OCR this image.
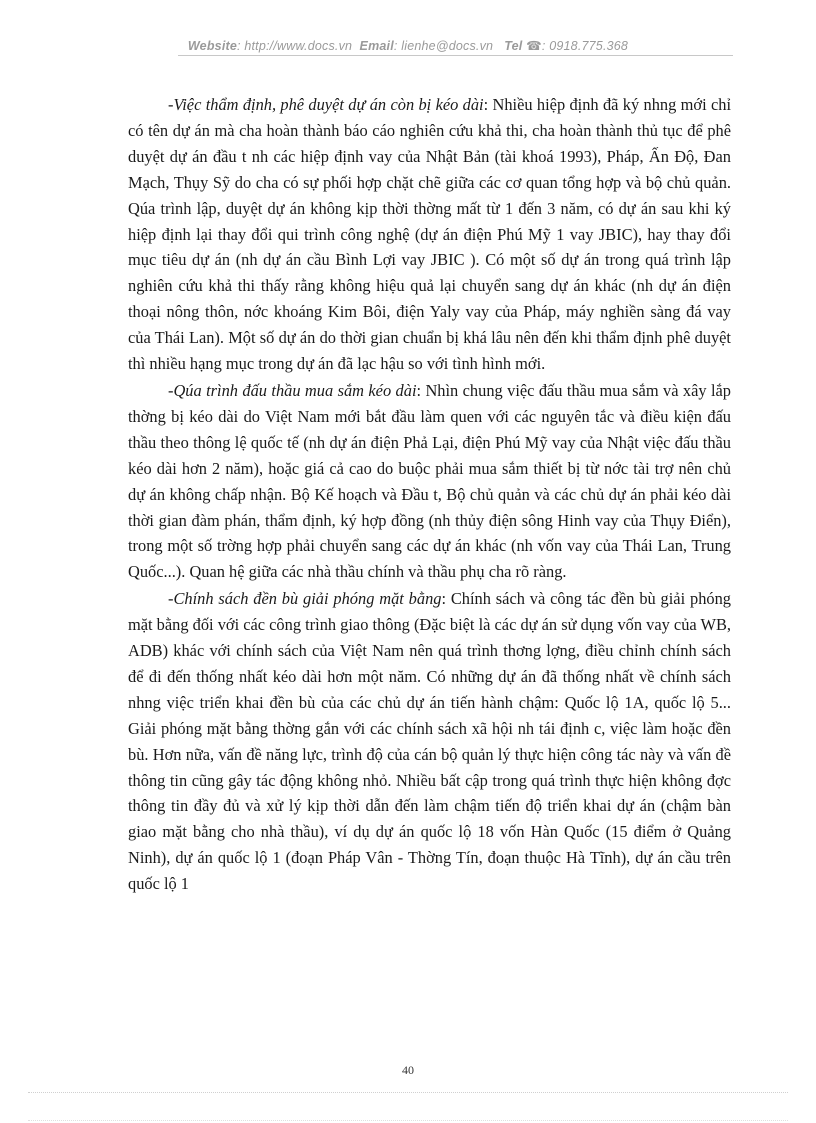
Website: http://www.docs.vn Email: lienhe@docs.vn Tel ☎: 0918.775.368

-Việc thẩm định, phê duyệt dự án còn bị kéo dài: Nhiều hiệp định đã ký nhng mới chỉ có tên dự án mà cha hoàn thành báo cáo nghiên cứu khả thi, cha hoàn thành thủ tục để phê duyệt dự án đầu t nh các hiệp định vay của Nhật Bản (tài khoá 1993), Pháp, Ấn Độ, Đan Mạch, Thụy Sỹ do cha có sự phối hợp chặt chẽ giữa các cơ quan tổng hợp và bộ chủ quản. Qúa trình lập, duyệt dự án không kịp thời thờng mất từ 1 đến 3 năm, có dự án sau khi ký hiệp định lại thay đổi qui trình công nghệ (dự án điện Phú Mỹ 1 vay JBIC), hay thay đổi mục tiêu dự án (nh dự án cầu Bình Lợi vay JBIC ). Có một số dự án trong quá trình lập nghiên cứu khả thi thấy rằng không hiệu quả lại chuyển sang dự án khác (nh dự án điện thoại nông thôn, nớc khoáng Kim Bôi, điện Yaly vay của Pháp, máy nghiền sàng đá vay của Thái Lan). Một số dự án do thời gian chuẩn bị khá lâu nên đến khi thẩm định phê duyệt thì nhiều hạng mục trong dự án đã lạc hậu so với tình hình mới.

-Qúa trình đấu thầu mua sắm kéo dài: Nhìn chung việc đấu thầu mua sắm và xây lắp thờng bị kéo dài do Việt Nam mới bắt đầu làm quen với các nguyên tắc và điều kiện đấu thầu theo thông lệ quốc tế (nh dự án điện Phả Lại, điện Phú Mỹ vay của Nhật việc đấu thầu kéo dài hơn 2 năm), hoặc giá cả cao do buộc phải mua sắm thiết bị từ nớc tài trợ nên chủ dự án không chấp nhận. Bộ Kế hoạch và Đầu t, Bộ chủ quản và các chủ dự án phải kéo dài thời gian đàm phán, thẩm định, ký hợp đồng (nh thủy điện sông Hinh vay của Thụy Điển), trong một số trờng hợp phải chuyển sang các dự án khác (nh vốn vay của Thái Lan, Trung Quốc...). Quan hệ giữa các nhà thầu chính và thầu phụ cha rõ ràng.

-Chính sách đền bù giải phóng mặt bằng: Chính sách và công tác đền bù giải phóng mặt bằng đối với các công trình giao thông (Đặc biệt là các dự án sử dụng vốn vay của WB, ADB) khác với chính sách của Việt Nam nên quá trình thơng lợng, điều chỉnh chính sách để đi đến thống nhất kéo dài hơn một năm. Có những dự án đã thống nhất về chính sách nhng việc triển khai đền bù của các chủ dự án tiến hành chậm: Quốc lộ 1A, quốc lộ 5... Giải phóng mặt bằng thờng gắn với các chính sách xã hội nh tái định c, việc làm hoặc đền bù. Hơn nữa, vấn đề năng lực, trình độ của cán bộ quản lý thực hiện công tác này và vấn đề thông tin cũng gây tác động không nhỏ. Nhiều bất cập trong quá trình thực hiện không đợc thông tin đầy đủ và xử lý kịp thời dẫn đến làm chậm tiến độ triển khai dự án (chậm bàn giao mặt bằng cho nhà thầu), ví dụ dự án quốc lộ 18 vốn Hàn Quốc (15 điểm ở Quảng Ninh), dự án quốc lộ 1 (đoạn Pháp Vân - Thờng Tín, đoạn thuộc Hà Tĩnh), dự án cầu trên quốc lộ 1

40
